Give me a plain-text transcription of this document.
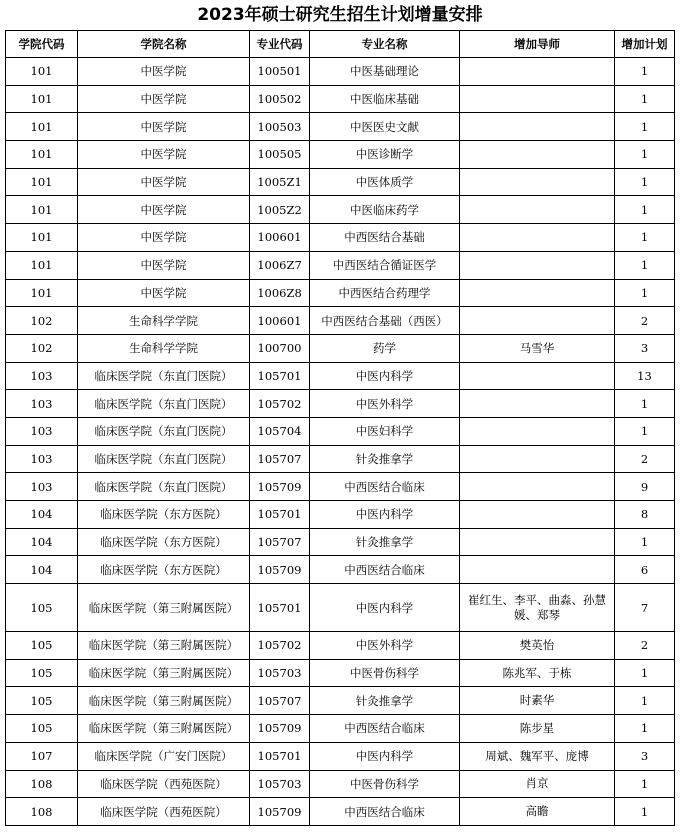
2023年硕士研究生招生计划增量安排
学院代码	学院名称	专业代码	专业名称	增加导师	增加计划
101	中医学院	100501	中医基础理论		1
101	中医学院	100502	中医临床基础		1
101	中医学院	100503	中医医史文献		1
101	中医学院	100505	中医诊断学		1
101	中医学院	1005Z1	中医体质学		1
101	中医学院	1005Z2	中医临床药学		1
101	中医学院	100601	中西医结合基础		1
101	中医学院	1006Z7	中西医结合循证医学		1
101	中医学院	1006Z8	中西医结合药理学		1
102	生命科学学院	100601	中西医结合基础（西医）		2
102	生命科学学院	100700	药学	马雪华	3
103	临床医学院（东直门医院）	105701	中医内科学		13
103	临床医学院（东直门医院）	105702	中医外科学		1
103	临床医学院（东直门医院）	105704	中医妇科学		1
103	临床医学院（东直门医院）	105707	针灸推拿学		2
103	临床医学院（东直门医院）	105709	中西医结合临床		9
104	临床医学院（东方医院）	105701	中医内科学		8
104	临床医学院（东方医院）	105707	针灸推拿学		1
104	临床医学院（东方医院）	105709	中西医结合临床		6
105	临床医学院（第三附属医院）	105701	中医内科学	崔红生、李平、曲淼、孙慧媛、郑琴	7
105	临床医学院（第三附属医院）	105702	中医外科学	樊英怡	2
105	临床医学院（第三附属医院）	105703	中医骨伤科学	陈兆军、于栋	1
105	临床医学院（第三附属医院）	105707	针灸推拿学	时素华	1
105	临床医学院（第三附属医院）	105709	中西医结合临床	陈步星	1
107	临床医学院（广安门医院）	105701	中医内科学	周斌、魏军平、庞博	3
108	临床医学院（西苑医院）	105703	中医骨伤科学	肖京	1
108	临床医学院（西苑医院）	105709	中西医结合临床	高瞻	1
